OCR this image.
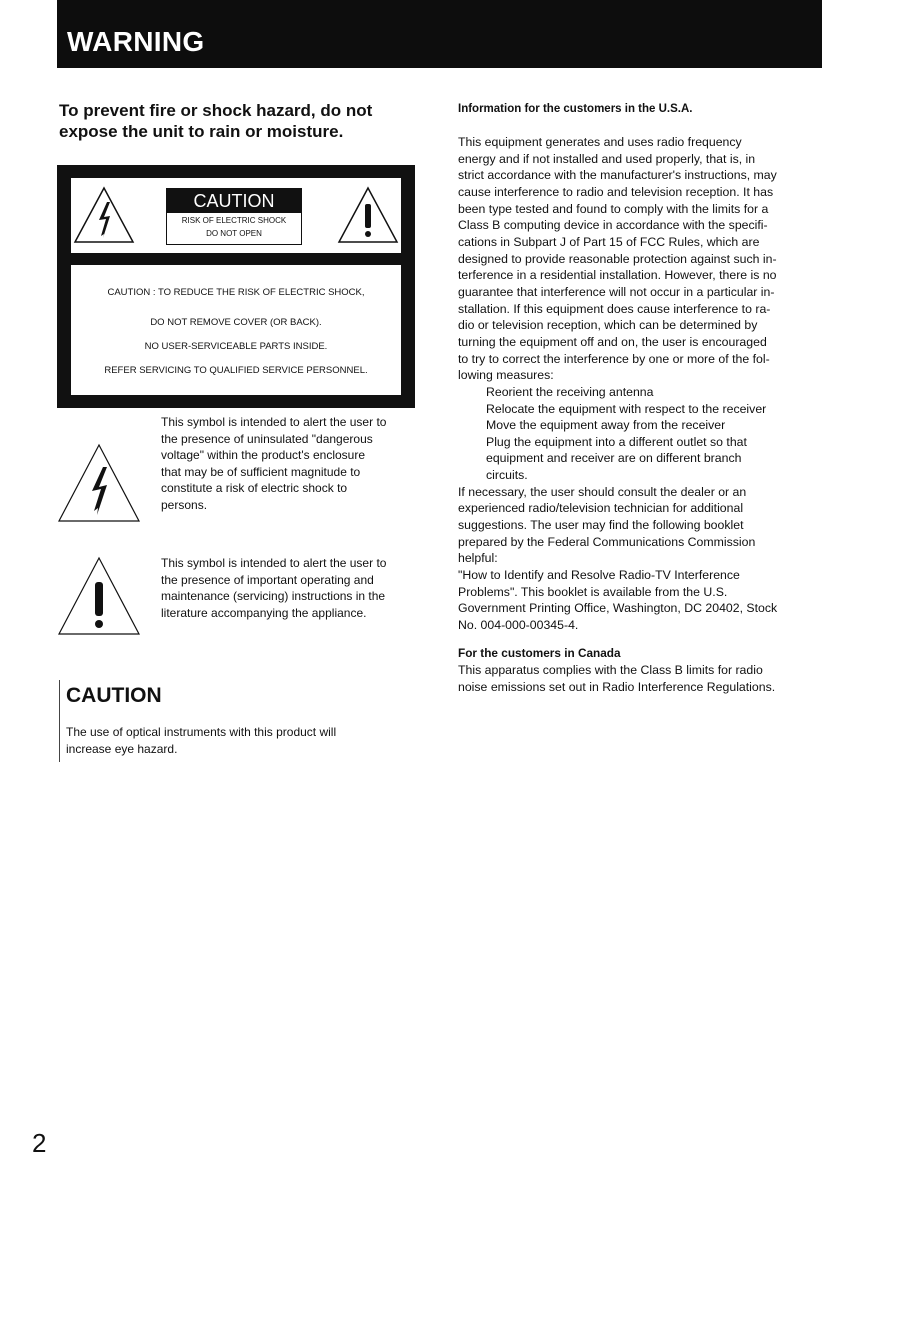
WARNING
To prevent fire or shock hazard, do not
expose the unit to rain or moisture.
CAUTION
RISK OF ELECTRIC SHOCK
DO NOT OPEN
CAUTION : TO REDUCE THE RISK OF ELECTRIC SHOCK,
DO NOT REMOVE COVER (OR BACK).
NO USER-SERVICEABLE PARTS INSIDE.
REFER SERVICING TO QUALIFIED SERVICE PERSONNEL.
This symbol is intended to alert the user to
the presence of uninsulated "dangerous
voltage" within the product's enclosure
that may be of sufficient magnitude to
constitute a risk of electric shock to
persons.
This symbol is intended to alert the user to
the presence of important operating and
maintenance (servicing) instructions in the
literature accompanying the appliance.
CAUTION
The use of optical instruments with this product will
increase eye hazard.
Information for the customers in the U.S.A.
This equipment generates and uses radio frequency
energy and if not installed and used properly, that is, in
strict accordance with the manufacturer's instructions, may
cause interference to radio and television reception. It has
been type tested and found to comply with the limits for a
Class B computing device in accordance with the specifi-
cations in Subpart J of Part 15 of FCC Rules, which are
designed to provide reasonable protection against such in-
terference in a residential installation. However, there is no
guarantee that interference will not occur in a particular in-
stallation. If this equipment does cause interference to ra-
dio or television reception, which can be determined by
turning the equipment off and on, the user is encouraged
to try to correct the interference by one or more of the fol-
lowing measures:
Reorient the receiving antenna
Relocate the equipment with respect to the receiver
Move the equipment away from the receiver
Plug the equipment into a different outlet so that
equipment and receiver are on different branch
circuits.
If necessary, the user should consult the dealer or an
experienced radio/television technician for additional
suggestions. The user may find the following booklet
prepared by the Federal Communications Commission
helpful:
"How to Identify and Resolve Radio-TV Interference
Problems". This booklet is available from the U.S.
Government Printing Office, Washington, DC 20402, Stock
No. 004-000-00345-4.
For the customers in Canada
This apparatus complies with the Class B limits for radio
noise emissions set out in Radio Interference Regulations.
2
